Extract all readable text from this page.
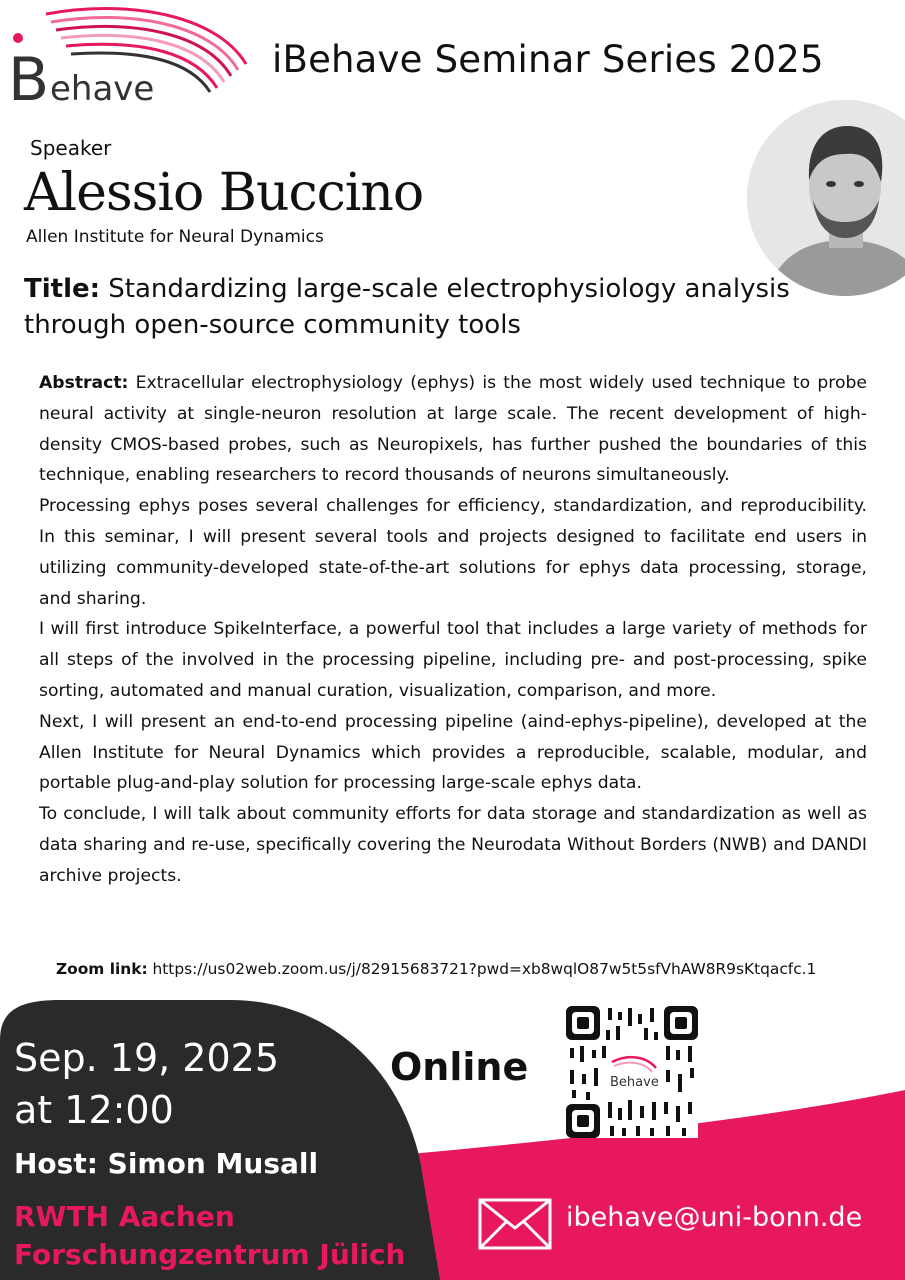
B ehave
iBehave Seminar Series 2025
Speaker
Alessio Buccino
Allen Institute for Neural Dynamics
Title: Standardizing large-scale electrophysiology analysis through open-source community tools

Abstract: Extracellular electrophysiology (ephys) is the most widely used technique to probe neural activity at single-neuron resolution at large scale. The recent development of high-density CMOS-based probes, such as Neuropixels, has further pushed the boundaries of this technique, enabling researchers to record thousands of neurons simultaneously.

Processing ephys poses several challenges for efficiency, standardization, and reproducibility. In this seminar, I will present several tools and projects designed to facilitate end users in utilizing community-developed state-of-the-art solutions for ephys data processing, storage, and sharing.

I will first introduce SpikeInterface, a powerful tool that includes a large variety of methods for all steps of the involved in the processing pipeline, including pre- and post-processing, spike sorting, automated and manual curation, visualization, comparison, and more.

Next, I will present an end-to-end processing pipeline (aind-ephys-pipeline), developed at the Allen Institute for Neural Dynamics which provides a reproducible, scalable, modular, and portable plug-and-play solution for processing large-scale ephys data.

To conclude, I will talk about community efforts for data storage and standardization as well as data sharing and re-use, specifically covering the Neurodata Without Borders (NWB) and DANDI archive projects.

Zoom link: https://us02web.zoom.us/j/82915683721?pwd=xb8wqlO87w5t5sfVhAW8R9sKtqacfc.1
Sep. 19, 2025
at 12:00
Host: Simon Musall
RWTH Aachen
Forschungzentrum Jülich
Online	Behave
ibehave@uni-bonn.de
